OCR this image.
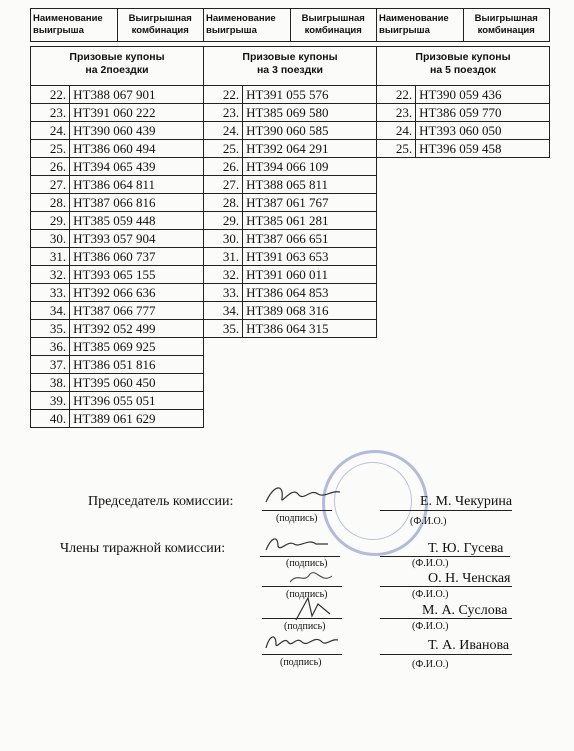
Наименование выигрыша	Выигрышная комбинация	Наименование выигрыша	Выигрышная комбинация	Наименование выигрыша	Выигрышная комбинация
Призовые купоны
на 2поездки
Призовые купоны
на 3 поездки
Призовые купоны
на 5 поездок
22.	НТ388 067 901
23.	НТ391 060 222
24.	НТ390 060 439
25.	НТ386 060 494
26.	НТ394 065 439
27.	НТ386 064 811
28.	НТ387 066 816
29.	НТ385 059 448
30.	НТ393 057 904
31.	НТ386 060 737
32.	НТ393 065 155
33.	НТ392 066 636
34.	НТ387 066 777
35.	НТ392 052 499
36.	НТ385 069 925
37.	НТ386 051 816
38.	НТ395 060 450
39.	НТ396 055 051
40.	НТ389 061 629
22.	НТ391 055 576
23.	НТ385 069 580
24.	НТ390 060 585
25.	НТ392 064 291
26.	НТ394 066 109
27.	НТ388 065 811
28.	НТ387 061 767
29.	НТ385 061 281
30.	НТ387 066 651
31.	НТ391 063 653
32.	НТ391 060 011
33.	НТ386 064 853
34.	НТ389 068 316
35.	НТ386 064 315
22.	НТ390 059 436
23.	НТ386 059 770
24.	НТ393 060 050
25.	НТ396 059 458
Председатель комиссии:	Е. М. Чекурина
(подпись)	(Ф.И.О.)
Члены тиражной комиссии:	Т. Ю. Гусева
(подпись)	(Ф.И.О.)
О. Н. Ченская
(подпись)	(Ф.И.О.)
М. А. Суслова
(подпись)	(Ф.И.О.)
Т. А. Иванова
(подпись)	(Ф.И.О.)
